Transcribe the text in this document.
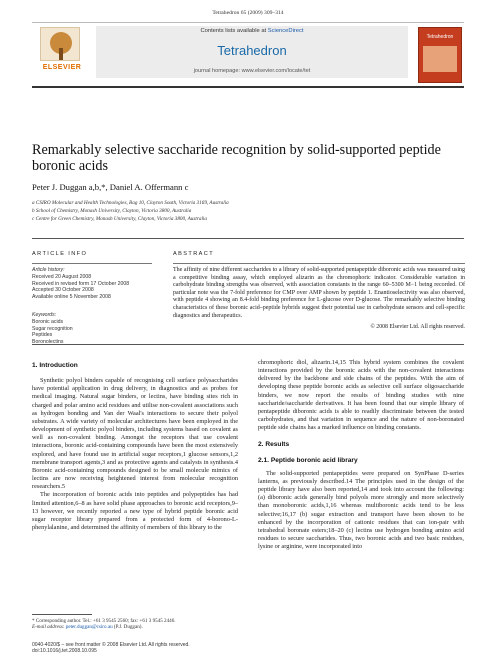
Tetrahedron 65 (2009) 309–314
ELSEVIER
Contents lists available at ScienceDirect
Tetrahedron
journal homepage: www.elsevier.com/locate/tet
Tetrahedron
Remarkably selective saccharide recognition by solid-supported peptide boronic acids
Peter J. Duggan a,b,*, Daniel A. Offermann c
a CSIRO Molecular and Health Technologies, Bag 10, Clayton South, Victoria 3169, Australia
b School of Chemistry, Monash University, Clayton, Victoria 3800, Australia
c Centre for Green Chemistry, Monash University, Clayton, Victoria 3800, Australia
ARTICLE INFO
Article history:
Received 20 August 2008
Received in revised form 17 October 2008
Accepted 30 October 2008
Available online 5 November 2008
Keywords:
Boronic acids
Sugar recognition
Peptides
Boronolectins
ABSTRACT
The affinity of nine different saccharides to a library of solid-supported pentapeptide diboronic acids was measured using a competitive binding assay, which employed alizarin as the chromophoric indicator. Considerable variation in carbohydrate binding strengths was observed, with association constants in the range 60–5300 M−1 being recorded. Of particular note was the 7-fold preference for CMP over AMP shown by peptide 1. Enantioselectivity was also observed, with peptide 4 showing an 8.4-fold binding preference for L-glucose over D-glucose. The remarkably selective binding characteristics of these boronic acid–peptide hybrids suggest their potential use in carbohydrate sensors and cell-specific diagnostics and therapeutics.
© 2008 Elsevier Ltd. All rights reserved.
1. Introduction

Synthetic polyol binders capable of recognising cell surface polysaccharides have potential application in drug delivery, in diagnostics and as probes for medical imaging. Natural sugar binders, or lectins, have binding sites rich in charged and polar amino acid residues and utilise non-covalent associations such as hydrogen bonding and Van der Waal's interactions to secure their polyol substrates. A wide variety of molecular architectures have been employed in the development of synthetic polyol binders, including systems based on covalent as well as non-covalent binding. Amongst the receptors that use covalent interactions, boronic acid-containing compounds have been the most extensively explored, and have found use in artificial sugar receptors,1 glucose sensors,1,2 membrane transport agents,3 and as protective agents and catalysts in synthesis.4 Boronic acid-containing compounds designed to be small molecule mimics of lectins are now receiving heightened interest from molecular recognition researchers.5

The incorporation of boronic acids into peptides and polypeptides has had limited attention,6–8 as have solid phase approaches to boronic acid receptors,9–13 however, we recently reported a new type of hybrid peptide boronic acid sugar receptor library prepared from a protected form of 4-borono-L-phenylalanine, and determined the affinity of members of this library to the

chromophoric diol, alizarin.14,15 This hybrid system combines the covalent interactions provided by the boronic acids with the non-covalent interactions delivered by the backbone and side chains of the peptides. With the aim of developing these peptide boronic acids as selective cell surface oligosaccharide binders, we now report the results of binding studies with nine saccharide/saccharide derivatives. It has been found that our simple library of pentapeptide diboronic acids is able to readily discriminate between the tested carbohydrates, and that variation in sequence and the nature of non-boronated peptide side chains has a marked influence on binding constants.

2. Results
2.1. Peptide boronic acid library

The solid-supported pentapeptides were prepared on SynPhase D-series lanterns, as previously described.14 The principles used in the design of the peptide library have also been reported,14 and took into account the following: (a) diboronic acids generally bind polyols more strongly and more selectively than monoboronic acids,1,16 whereas multiboronic acids tend to be less selective;16,17 (b) sugar extraction and transport have been shown to be enhanced by the incorporation of cationic residues that can ion-pair with tetrahedral boronate esters;18–20 (c) lectins use hydrogen bonding amino acid residues to secure saccharides. Thus, two boronic acids and two basic residues, lysine or arginine, were incorporated into

* Corresponding author. Tel.: +61 3 9545 2560; fax: +61 3 9545 2446.
E-mail address: peter.duggan@csiro.au (P.J. Duggan).
0040-4020/$ – see front matter © 2008 Elsevier Ltd. All rights reserved.
doi:10.1016/j.tet.2008.10.095
